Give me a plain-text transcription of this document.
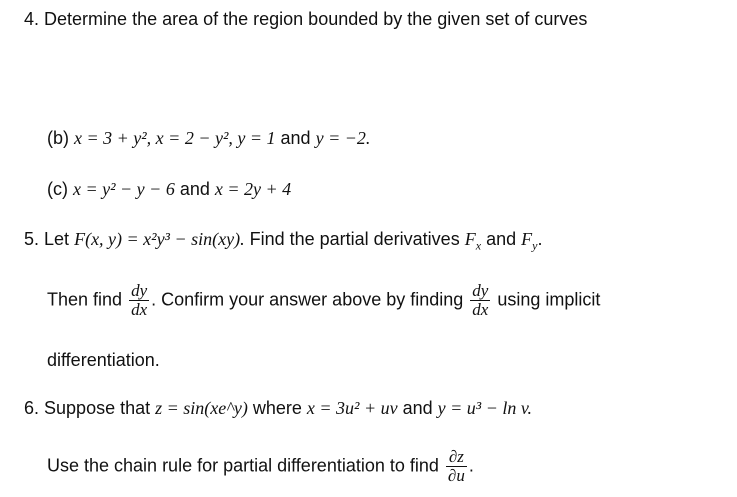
4. Determine the area of the region bounded by the given set of curves
(b) x = 3 + y², x = 2 − y², y = 1 and y = −2.
(c) x = y² − y − 6 and x = 2y + 4
5. Let F(x, y) = x²y³ − sin(xy). Find the partial derivatives $F_x$ and $F_y$.
Then find $\frac{dy}{dx}$ . Confirm your answer above by finding $\frac{dy}{dx}$ using implicit
differentiation.
6. Suppose that z = sin(xe^y) where x = 3u² + uv and y = u³ − ln v.
Use the chain rule for partial differentiation to find $\frac{\partial z}{\partial u}$ .
